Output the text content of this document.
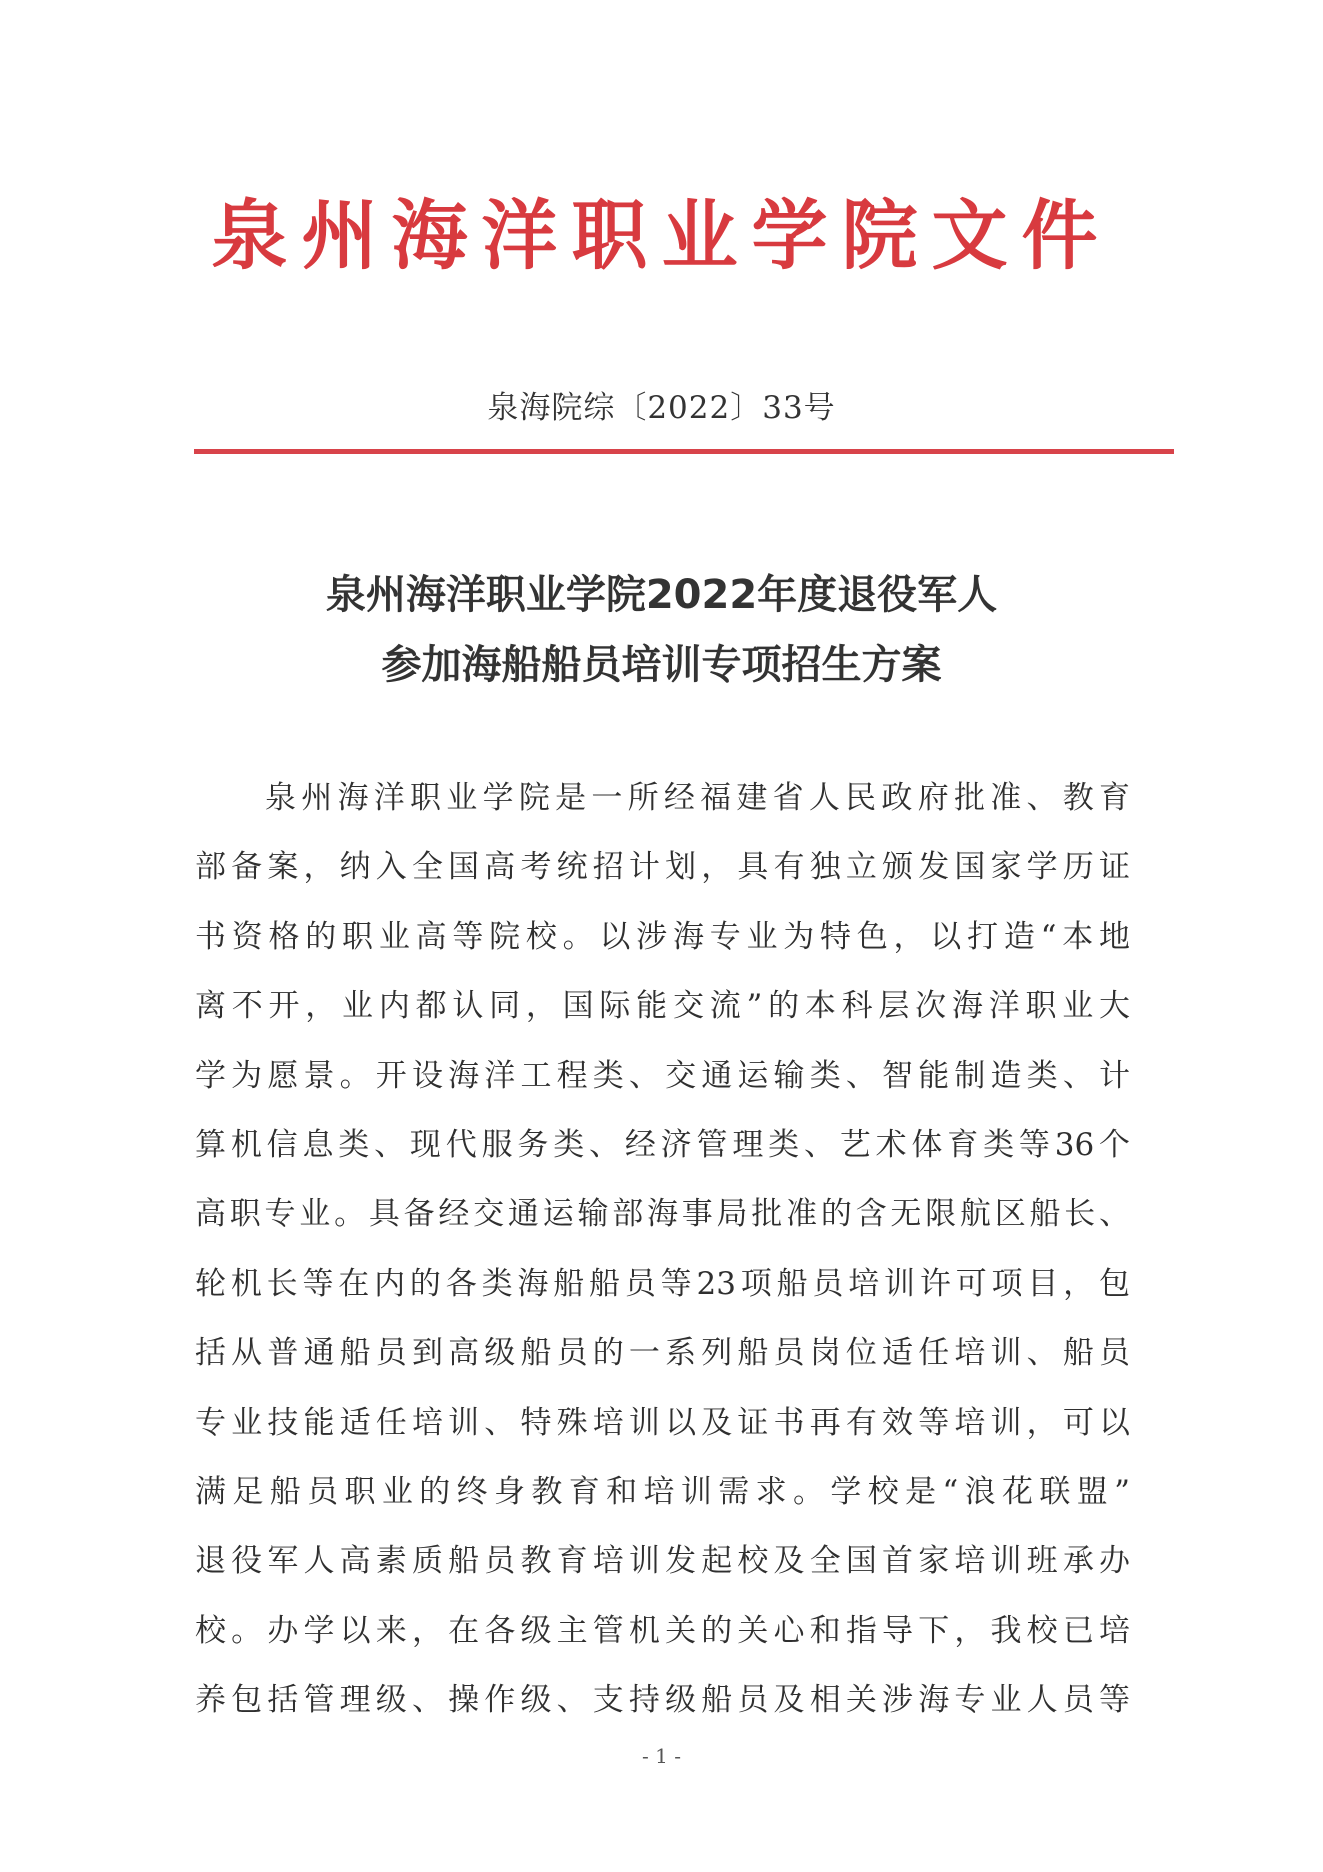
泉州海洋职业学院文件
泉海院综〔2022〕33号
泉州海洋职业学院2022年度退役军人
参加海船船员培训专项招生方案
泉州海洋职业学院是一所经福建省人民政府批准、教育
部备案，纳入全国高考统招计划，具有独立颁发国家学历证
书资格的职业高等院校。以涉海专业为特色，以打造“本地
离不开，业内都认同，国际能交流”的本科层次海洋职业大
学为愿景。开设海洋工程类、交通运输类、智能制造类、计
算机信息类、现代服务类、经济管理类、艺术体育类等36个
高职专业。具备经交通运输部海事局批准的含无限航区船长、
轮机长等在内的各类海船船员等23项船员培训许可项目，包
括从普通船员到高级船员的一系列船员岗位适任培训、船员
专业技能适任培训、特殊培训以及证书再有效等培训，可以
满足船员职业的终身教育和培训需求。学校是“浪花联盟”
退役军人高素质船员教育培训发起校及全国首家培训班承办
校。办学以来，在各级主管机关的关心和指导下，我校已培
养包括管理级、操作级、支持级船员及相关涉海专业人员等
- 1 -
